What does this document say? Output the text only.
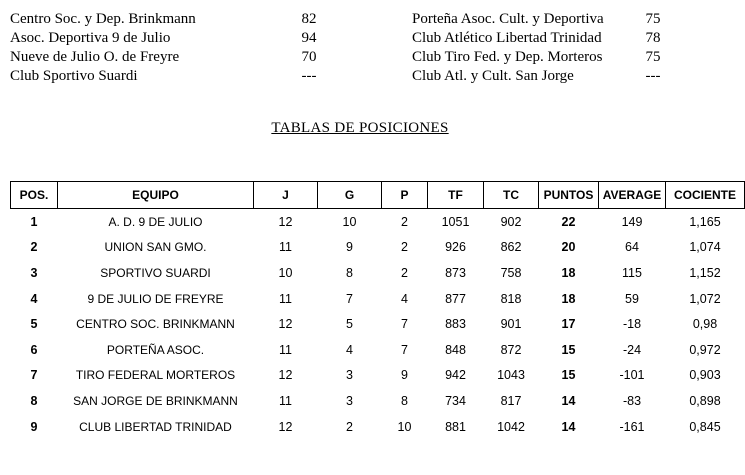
Centro Soc. y Dep. Brinkmann	82	Porteña Asoc. Cult. y Deportiva	75
Asoc. Deportiva 9 de Julio	94	Club Atlético Libertad Trinidad	78
Nueve de Julio O. de Freyre	70	Club Tiro Fed. y Dep. Morteros	75
Club Sportivo Suardi	---	Club Atl. y Cult. San Jorge	---
TABLAS DE POSICIONES
POS.	EQUIPO	J	G	P	TF	TC	PUNTOS	AVERAGE	COCIENTE
1	A. D. 9 DE JULIO	12	10	2	1051	902	22	149	1,165
2	UNION SAN GMO.	11	9	2	926	862	20	64	1,074
3	SPORTIVO SUARDI	10	8	2	873	758	18	115	1,152
4	9 DE JULIO DE FREYRE	11	7	4	877	818	18	59	1,072
5	CENTRO SOC. BRINKMANN	12	5	7	883	901	17	-18	0,98
6	PORTEÑA ASOC.	11	4	7	848	872	15	-24	0,972
7	TIRO FEDERAL MORTEROS	12	3	9	942	1043	15	-101	0,903
8	SAN JORGE DE BRINKMANN	11	3	8	734	817	14	-83	0,898
9	CLUB LIBERTAD TRINIDAD	12	2	10	881	1042	14	-161	0,845
